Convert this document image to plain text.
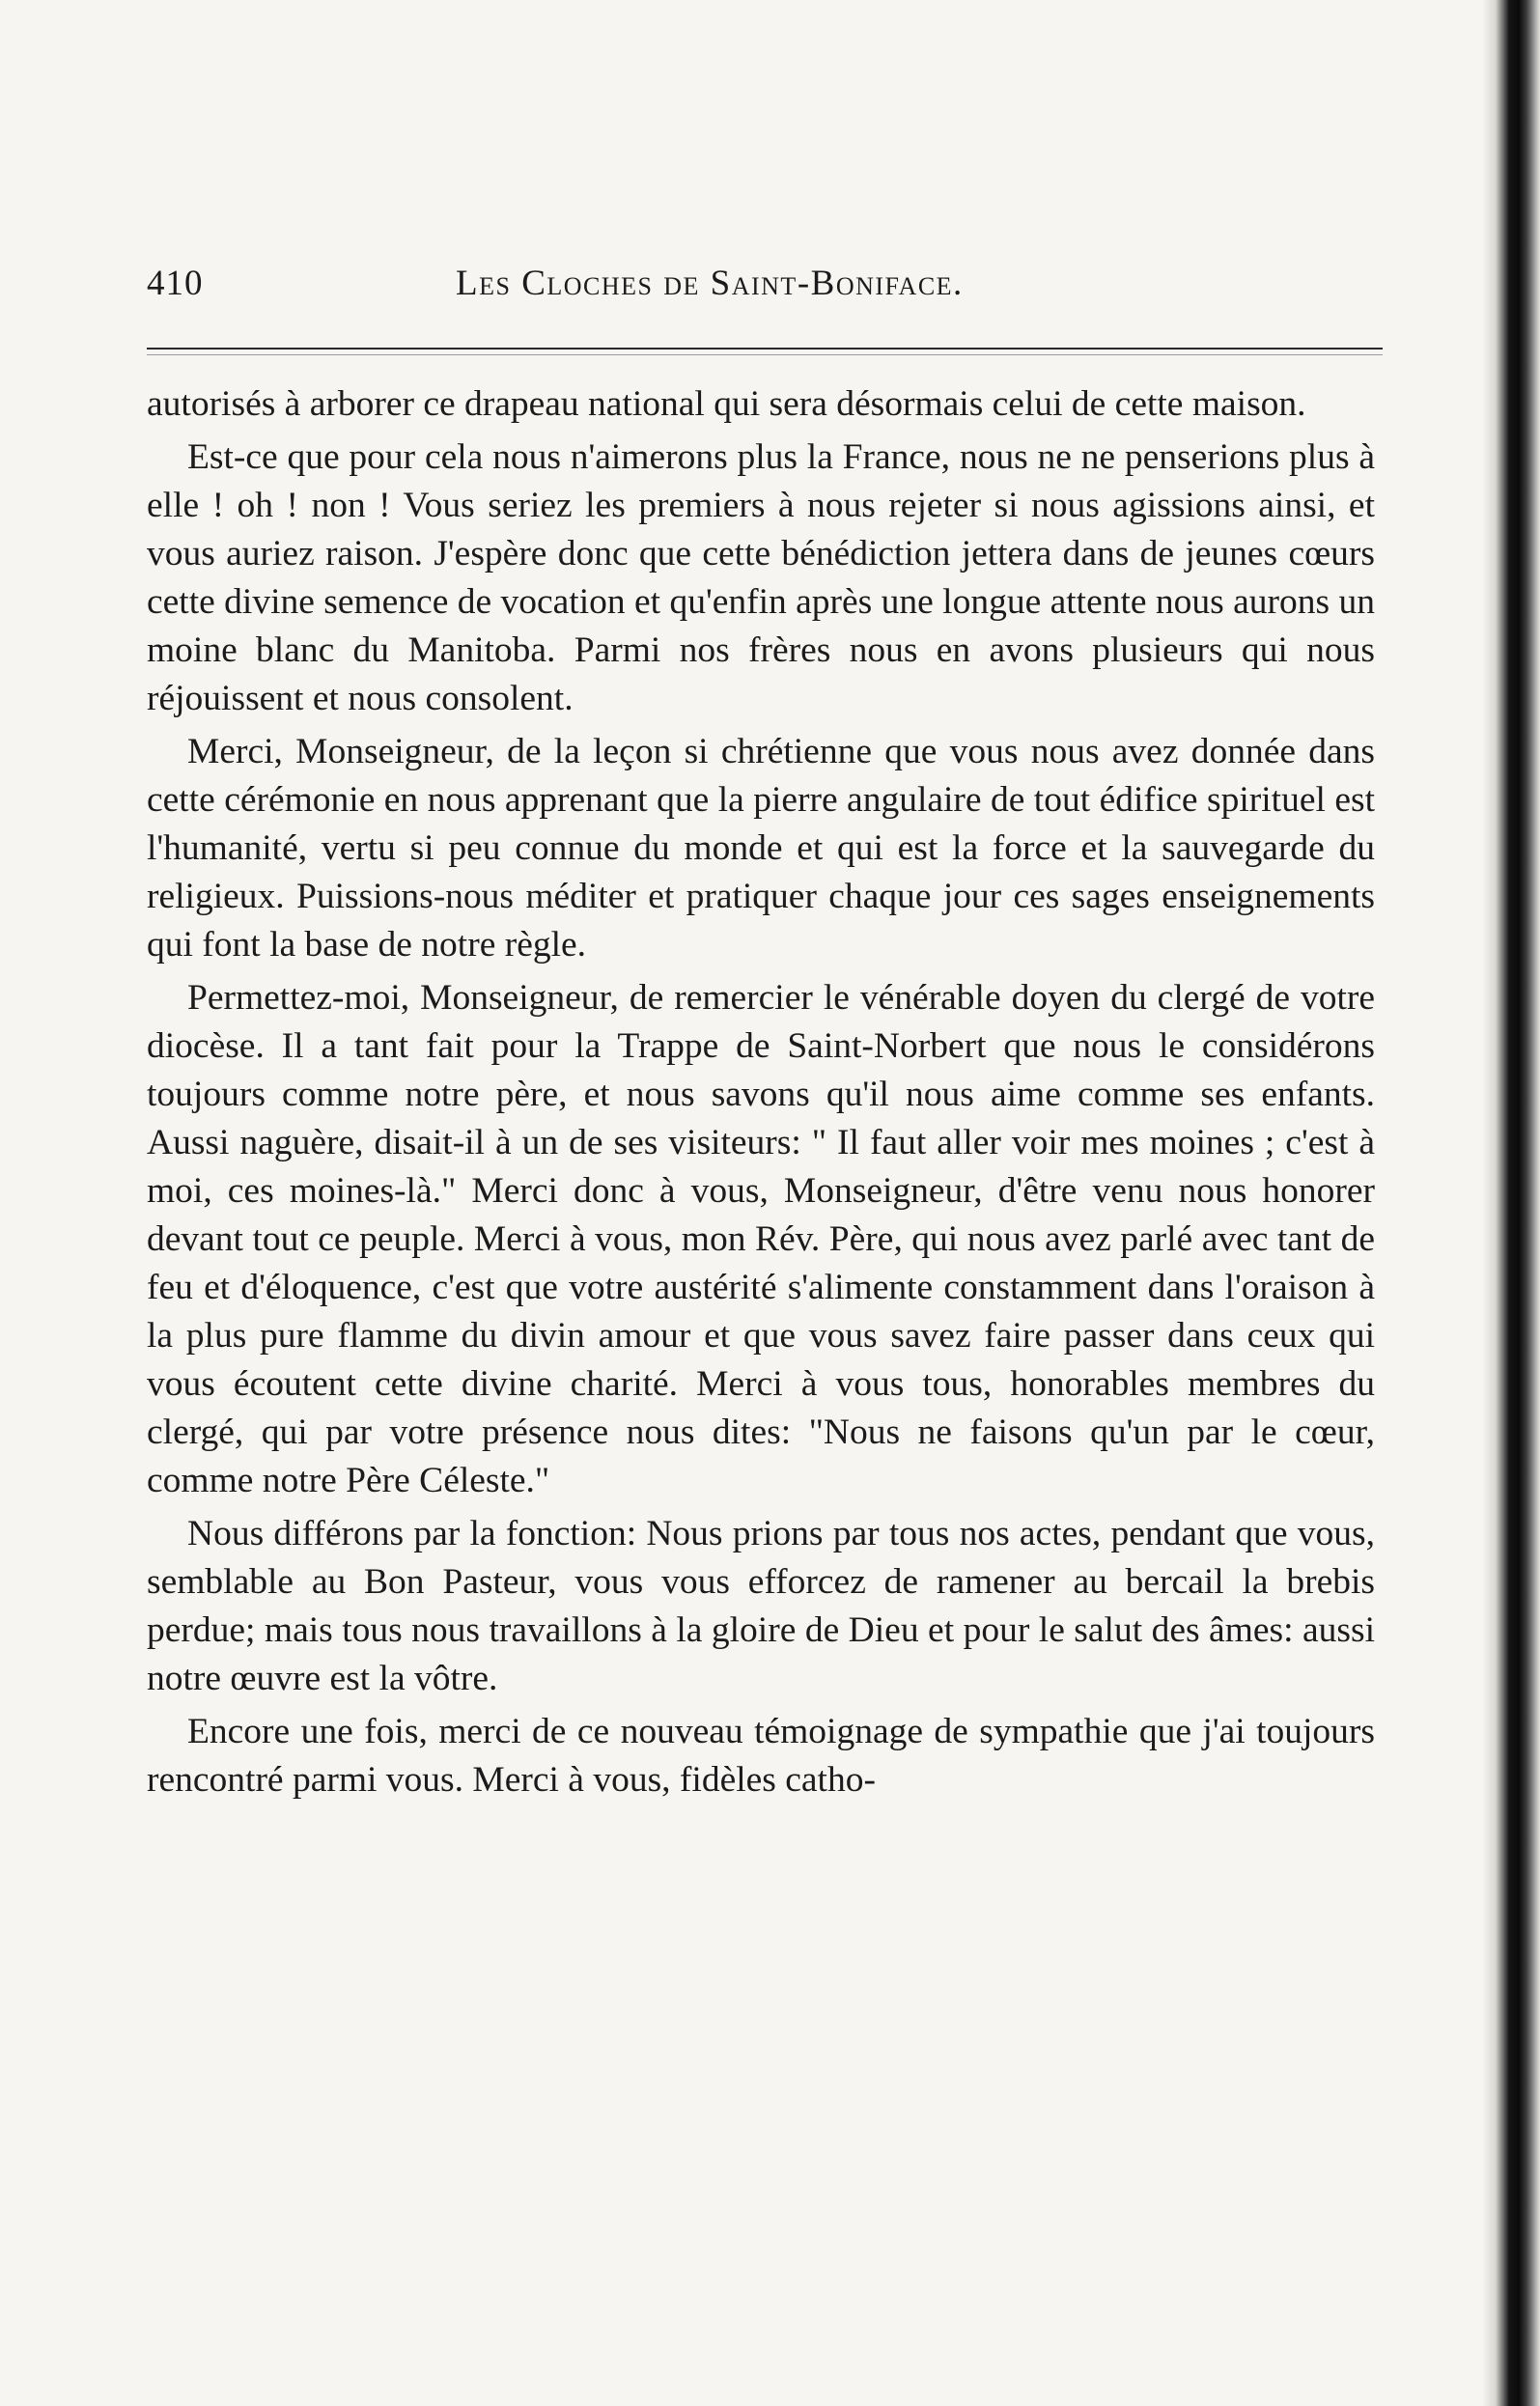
410	Les Cloches de Saint-Boniface.

autorisés à arborer ce drapeau national qui sera désormais celui de cette maison.

Est-ce que pour cela nous n'aimerons plus la France, nous ne ne penserions plus à elle ! oh ! non ! Vous seriez les premiers à nous rejeter si nous agissions ainsi, et vous auriez raison. J'espère donc que cette bénédiction jettera dans de jeunes cœurs cette divine semence de vocation et qu'enfin après une longue attente nous aurons un moine blanc du Manitoba. Parmi nos frères nous en avons plusieurs qui nous réjouissent et nous consolent.

Merci, Monseigneur, de la leçon si chrétienne que vous nous avez donnée dans cette cérémonie en nous apprenant que la pierre angulaire de tout édifice spirituel est l'humanité, vertu si peu connue du monde et qui est la force et la sauvegarde du religieux. Puissions-nous méditer et pratiquer chaque jour ces sages enseignements qui font la base de notre règle.

Permettez-moi, Monseigneur, de remercier le vénérable doyen du clergé de votre diocèse. Il a tant fait pour la Trappe de Saint-Norbert que nous le considérons toujours comme notre père, et nous savons qu'il nous aime comme ses enfants. Aussi naguère, disait-il à un de ses visiteurs: " Il faut aller voir mes moines ; c'est à moi, ces moines-là." Merci donc à vous, Monseigneur, d'être venu nous honorer devant tout ce peuple. Merci à vous, mon Rév. Père, qui nous avez parlé avec tant de feu et d'éloquence, c'est que votre austérité s'alimente constamment dans l'oraison à la plus pure flamme du divin amour et que vous savez faire passer dans ceux qui vous écoutent cette divine charité. Merci à vous tous, honorables membres du clergé, qui par votre présence nous dites: "Nous ne faisons qu'un par le cœur, comme notre Père Céleste."

Nous différons par la fonction: Nous prions par tous nos actes, pendant que vous, semblable au Bon Pasteur, vous vous efforcez de ramener au bercail la brebis perdue; mais tous nous travaillons à la gloire de Dieu et pour le salut des âmes: aussi notre œuvre est la vôtre.

Encore une fois, merci de ce nouveau témoignage de sympathie que j'ai toujours rencontré parmi vous. Merci à vous, fidèles catho-
